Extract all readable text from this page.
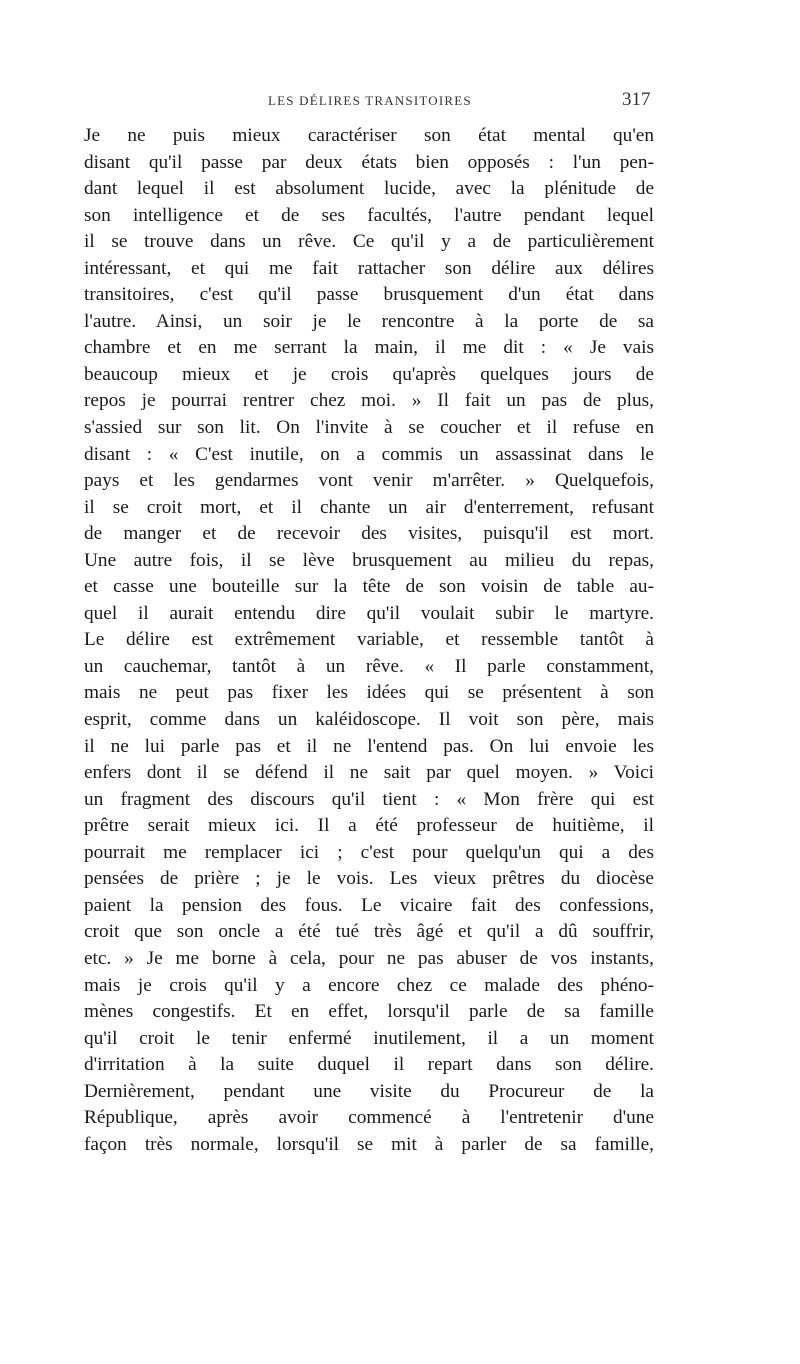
LES DÉLIRES TRANSITOIRES	317
Je ne puis mieux caractériser son état mental qu'en
disant qu'il passe par deux états bien opposés : l'un pen-
dant lequel il est absolument lucide, avec la plénitude de
son intelligence et de ses facultés, l'autre pendant lequel
il se trouve dans un rêve. Ce qu'il y a de particulièrement
intéressant, et qui me fait rattacher son délire aux délires
transitoires, c'est qu'il passe brusquement d'un état dans
l'autre. Ainsi, un soir je le rencontre à la porte de sa
chambre et en me serrant la main, il me dit : « Je vais
beaucoup mieux et je crois qu'après quelques jours de
repos je pourrai rentrer chez moi. » Il fait un pas de plus,
s'assied sur son lit. On l'invite à se coucher et il refuse en
disant : « C'est inutile, on a commis un assassinat dans le
pays et les gendarmes vont venir m'arrêter. » Quelquefois,
il se croit mort, et il chante un air d'enterrement, refusant
de manger et de recevoir des visites, puisqu'il est mort.
Une autre fois, il se lève brusquement au milieu du repas,
et casse une bouteille sur la tête de son voisin de table au-
quel il aurait entendu dire qu'il voulait subir le martyre.
Le délire est extrêmement variable, et ressemble tantôt à
un cauchemar, tantôt à un rêve. « Il parle constamment,
mais ne peut pas fixer les idées qui se présentent à son
esprit, comme dans un kaléidoscope. Il voit son père, mais
il ne lui parle pas et il ne l'entend pas. On lui envoie les
enfers dont il se défend il ne sait par quel moyen. » Voici
un fragment des discours qu'il tient : « Mon frère qui est
prêtre serait mieux ici. Il a été professeur de huitième, il
pourrait me remplacer ici ; c'est pour quelqu'un qui a des
pensées de prière ; je le vois. Les vieux prêtres du diocèse
paient la pension des fous. Le vicaire fait des confessions,
croit que son oncle a été tué très âgé et qu'il a dû souffrir,
etc. » Je me borne à cela, pour ne pas abuser de vos instants,
mais je crois qu'il y a encore chez ce malade des phéno-
mènes congestifs. Et en effet, lorsqu'il parle de sa famille
qu'il croit le tenir enfermé inutilement, il a un moment
d'irritation à la suite duquel il repart dans son délire.
Dernièrement, pendant une visite du Procureur de la
République, après avoir commencé à l'entretenir d'une
façon très normale, lorsqu'il se mit à parler de sa famille,
